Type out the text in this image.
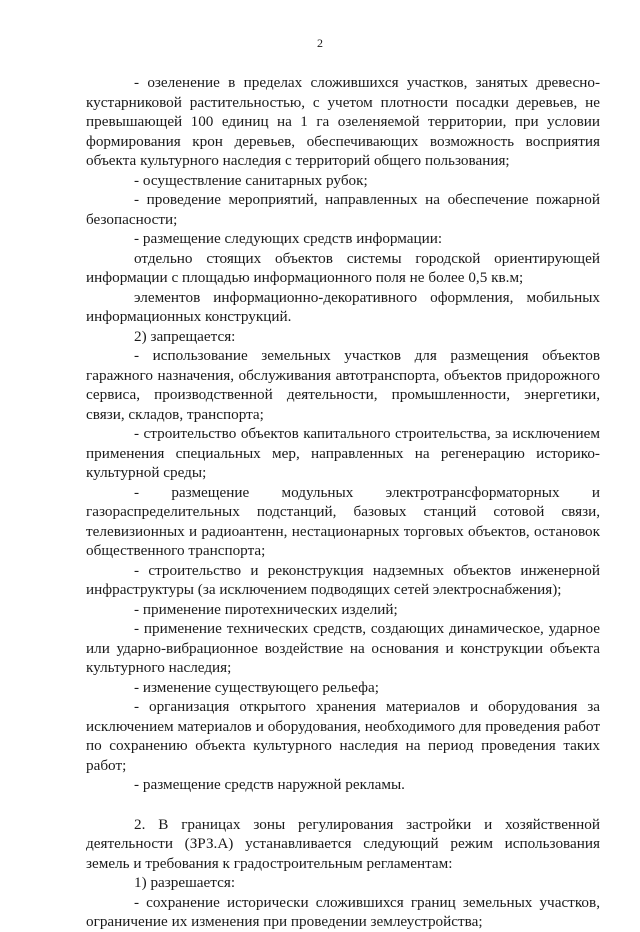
2

- озеленение в пределах сложившихся участков, занятых древесно-кустарниковой растительностью, с учетом плотности посадки деревьев, не превышающей 100 единиц на 1 га озеленяемой территории, при условии формирования крон деревьев, обеспечивающих возможность восприятия объекта культурного наследия с территорий общего пользования;

- осуществление санитарных рубок;

- проведение мероприятий, направленных на обеспечение пожарной безопасности;

- размещение следующих средств информации:

отдельно стоящих объектов системы городской ориентирующей информации с площадью информационного поля не более 0,5 кв.м;

элементов информационно-декоративного оформления, мобильных информационных конструкций.

2) запрещается:

- использование земельных участков для размещения объектов гаражного назначения, обслуживания автотранспорта, объектов придорожного сервиса, производственной деятельности, промышленности, энергетики, связи, складов, транспорта;

- строительство объектов капитального строительства, за исключением применения специальных мер, направленных на регенерацию историко-культурной среды;

- размещение модульных электротрансформаторных и газораспределительных подстанций, базовых станций сотовой связи, телевизионных и радиоантенн, нестационарных торговых объектов, остановок общественного транспорта;

- строительство и реконструкция надземных объектов инженерной инфраструктуры (за исключением подводящих сетей электроснабжения);

- применение пиротехнических изделий;

- применение технических средств, создающих динамическое, ударное или ударно-вибрационное воздействие на основания и конструкции объекта культурного наследия;

- изменение существующего рельефа;

- организация открытого хранения материалов и оборудования за исключением материалов и оборудования, необходимого для проведения работ по сохранению объекта культурного наследия на период проведения таких работ;

- размещение средств наружной рекламы.

2. В границах зоны регулирования застройки и хозяйственной деятельности (ЗРЗ.А) устанавливается следующий режим использования земель и требования к градостроительным регламентам:

1) разрешается:

- сохранение исторически сложившихся границ земельных участков, ограничение их изменения при проведении землеустройства;
